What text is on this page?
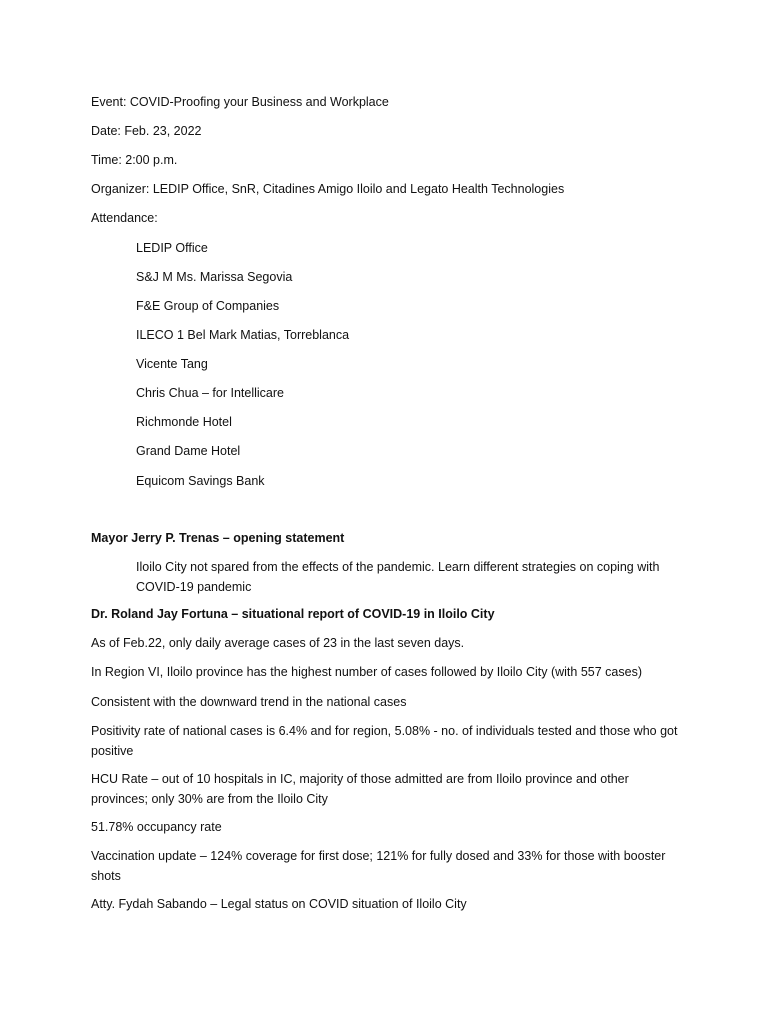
Event: COVID-Proofing your Business and Workplace
Date: Feb. 23, 2022
Time: 2:00 p.m.
Organizer: LEDIP Office, SnR, Citadines Amigo Iloilo and Legato Health Technologies
Attendance:
LEDIP Office
S&J M Ms. Marissa Segovia
F&E Group of Companies
ILECO 1 Bel Mark Matias, Torreblanca
Vicente Tang
Chris Chua – for Intellicare
Richmonde Hotel
Grand Dame Hotel
Equicom Savings Bank
Mayor Jerry P. Trenas – opening statement
Iloilo City not spared from the effects of the pandemic. Learn different strategies on coping with COVID-19 pandemic
Dr. Roland Jay Fortuna – situational report of COVID-19 in Iloilo City
As of Feb.22, only daily average cases of 23 in the last seven days.
In Region VI, Iloilo province has the highest number of cases followed by Iloilo City (with 557 cases)
Consistent with the downward trend in the national cases
Positivity rate of national cases is 6.4% and for region, 5.08% - no. of individuals tested and those who got positive
HCU Rate – out of 10 hospitals in IC, majority of those admitted are from Iloilo province and other provinces; only 30% are from the Iloilo City
51.78% occupancy rate
Vaccination update – 124% coverage for first dose; 121% for fully dosed and 33% for those with booster shots
Atty. Fydah Sabando – Legal status on COVID situation of Iloilo City
